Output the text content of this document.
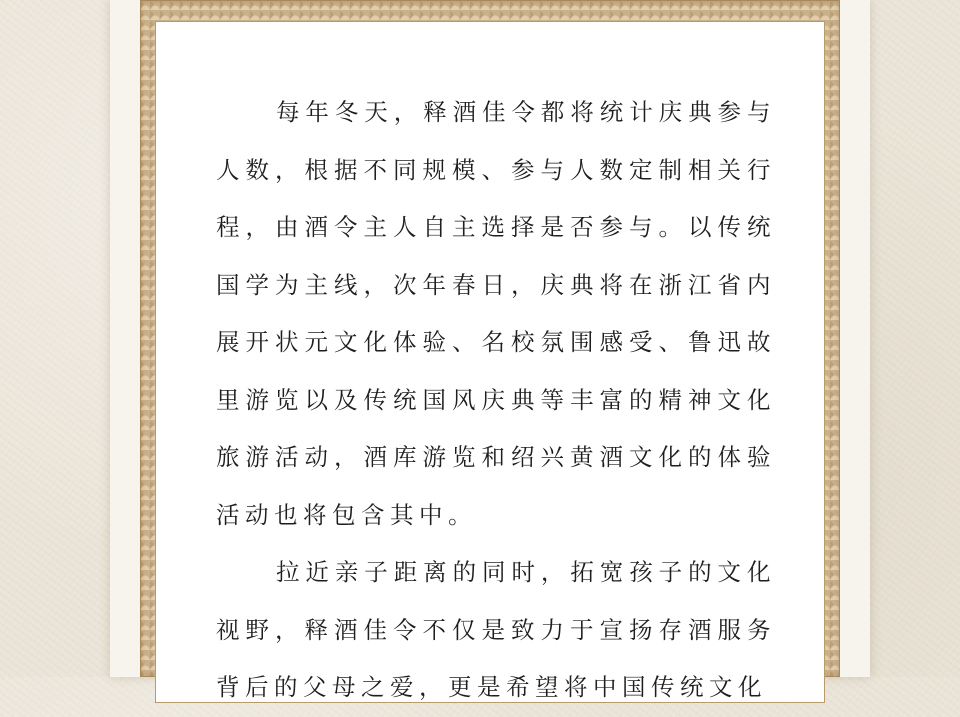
每年冬天，释酒佳令都将统计庆典参与人数，根据不同规模、参与人数定制相关行程，由酒令主人自主选择是否参与。以传统国学为主线，次年春日，庆典将在浙江省内展开状元文化体验、名校氛围感受、鲁迅故里游览以及传统国风庆典等丰富的精神文化旅游活动，酒库游览和绍兴黄酒文化的体验活动也将包含其中。

拉近亲子距离的同时，拓宽孩子的文化视野，释酒佳令不仅是致力于宣扬存酒服务背后的父母之爱，更是希望将中国传统文化
